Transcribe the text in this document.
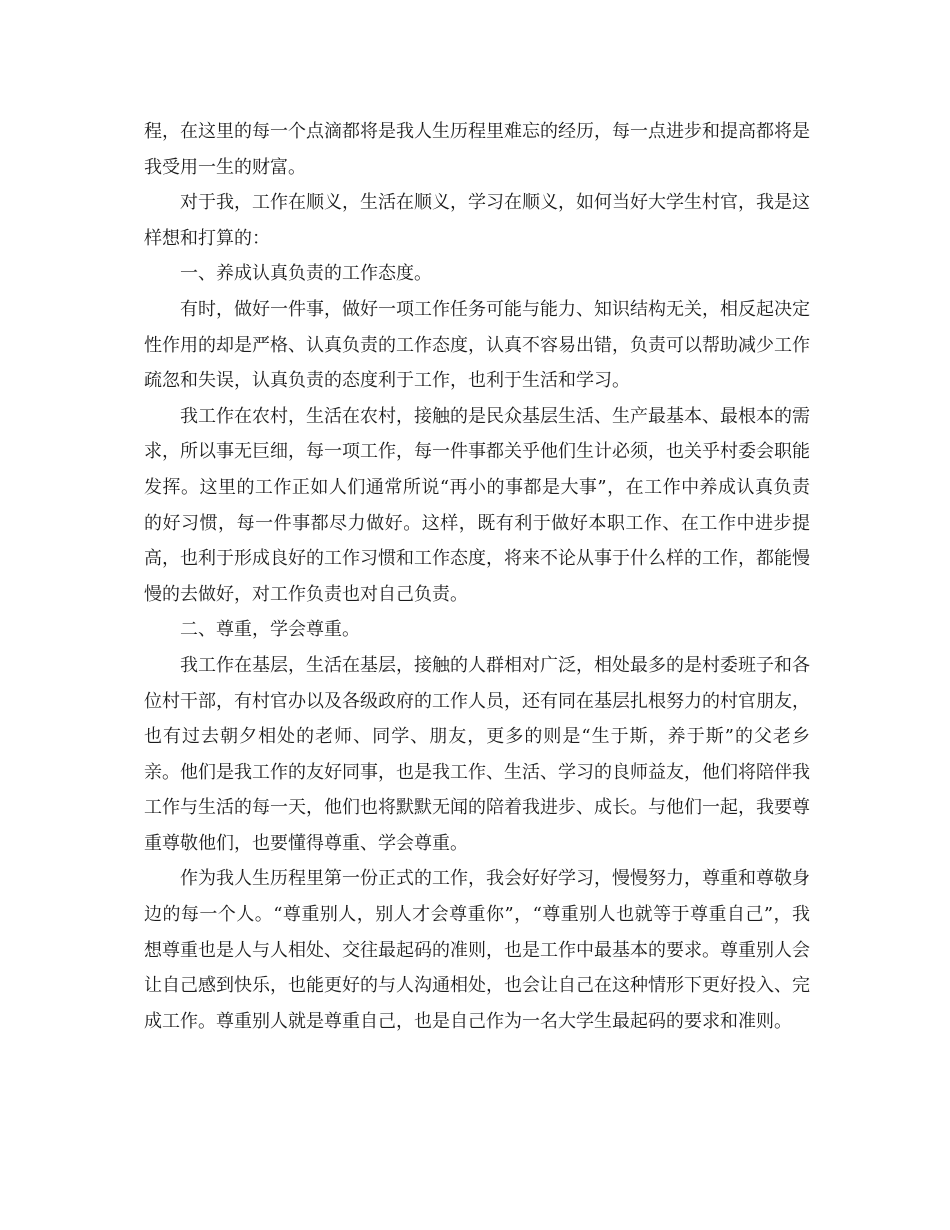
程，在这里的每一个点滴都将是我人生历程里难忘的经历，每一点进步和提高都将是我受用一生的财富。

对于我，工作在顺义，生活在顺义，学习在顺义，如何当好大学生村官，我是这样想和打算的：

一、养成认真负责的工作态度。

有时，做好一件事，做好一项工作任务可能与能力、知识结构无关，相反起决定性作用的却是严格、认真负责的工作态度，认真不容易出错，负责可以帮助减少工作疏忽和失误，认真负责的态度利于工作，也利于生活和学习。

我工作在农村，生活在农村，接触的是民众基层生活、生产最基本、最根本的需求，所以事无巨细，每一项工作，每一件事都关乎他们生计必须，也关乎村委会职能发挥。这里的工作正如人们通常所说“再小的事都是大事”，在工作中养成认真负责的好习惯，每一件事都尽力做好。这样，既有利于做好本职工作、在工作中进步提高，也利于形成良好的工作习惯和工作态度，将来不论从事于什么样的工作，都能慢慢的去做好，对工作负责也对自己负责。

二、尊重，学会尊重。

我工作在基层，生活在基层，接触的人群相对广泛，相处最多的是村委班子和各位村干部，有村官办以及各级政府的工作人员，还有同在基层扎根努力的村官朋友，也有过去朝夕相处的老师、同学、朋友，更多的则是“生于斯，养于斯”的父老乡亲。他们是我工作的友好同事，也是我工作、生活、学习的良师益友，他们将陪伴我工作与生活的每一天，他们也将默默无闻的陪着我进步、成长。与他们一起，我要尊重尊敬他们，也要懂得尊重、学会尊重。

作为我人生历程里第一份正式的工作，我会好好学习，慢慢努力，尊重和尊敬身边的每一个人。“尊重别人，别人才会尊重你”，“尊重别人也就等于尊重自己”，我想尊重也是人与人相处、交往最起码的准则，也是工作中最基本的要求。尊重别人会让自己感到快乐，也能更好的与人沟通相处，也会让自己在这种情形下更好投入、完成工作。尊重别人就是尊重自己，也是自己作为一名大学生最起码的要求和准则。
